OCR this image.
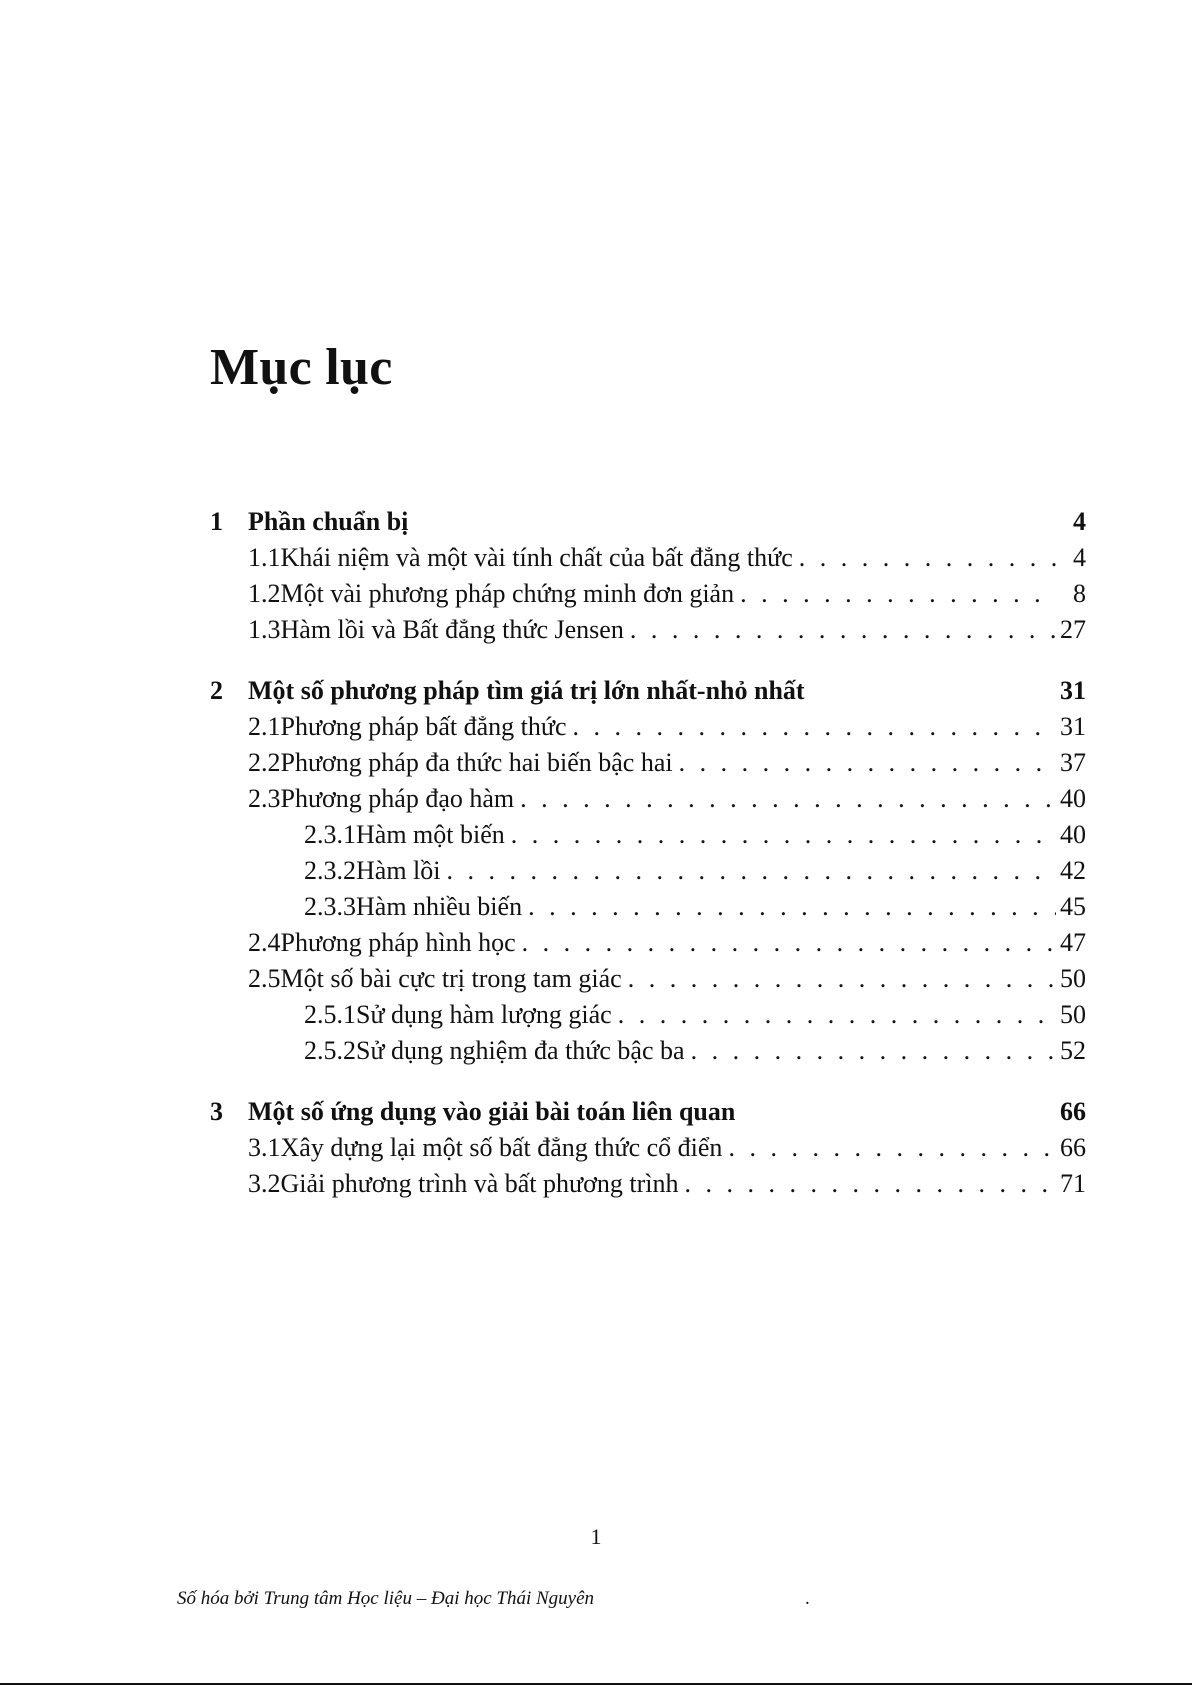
Mục lục
1 Phần chuẩn bị	4
1.1 Khái niệm và một vài tính chất của bất đẳng thức . . .	4
1.2 Một vài phương pháp chứng minh đơn giản . . .	8
1.3 Hàm lồi và Bất đẳng thức Jensen . . .	27
2 Một số phương pháp tìm giá trị lớn nhất-nhỏ nhất	31
2.1 Phương pháp bất đẳng thức . . .	31
2.2 Phương pháp đa thức hai biến bậc hai . . .	37
2.3 Phương pháp đạo hàm . . .	40
2.3.1 Hàm một biến . . .	40
2.3.2 Hàm lồi . . .	42
2.3.3 Hàm nhiều biến . . .	45
2.4 Phương pháp hình học . . .	47
2.5 Một số bài cực trị trong tam giác . . .	50
2.5.1 Sử dụng hàm lượng giác . . .	50
2.5.2 Sử dụng nghiệm đa thức bậc ba . . .	52
3 Một số ứng dụng vào giải bài toán liên quan	66
3.1 Xây dựng lại một số bất đẳng thức cổ điển . . .	66
3.2 Giải phương trình và bất phương trình . . .	71
1
Số hóa bởi Trung tâm Học liệu – Đại học Thái Nguyên	.
